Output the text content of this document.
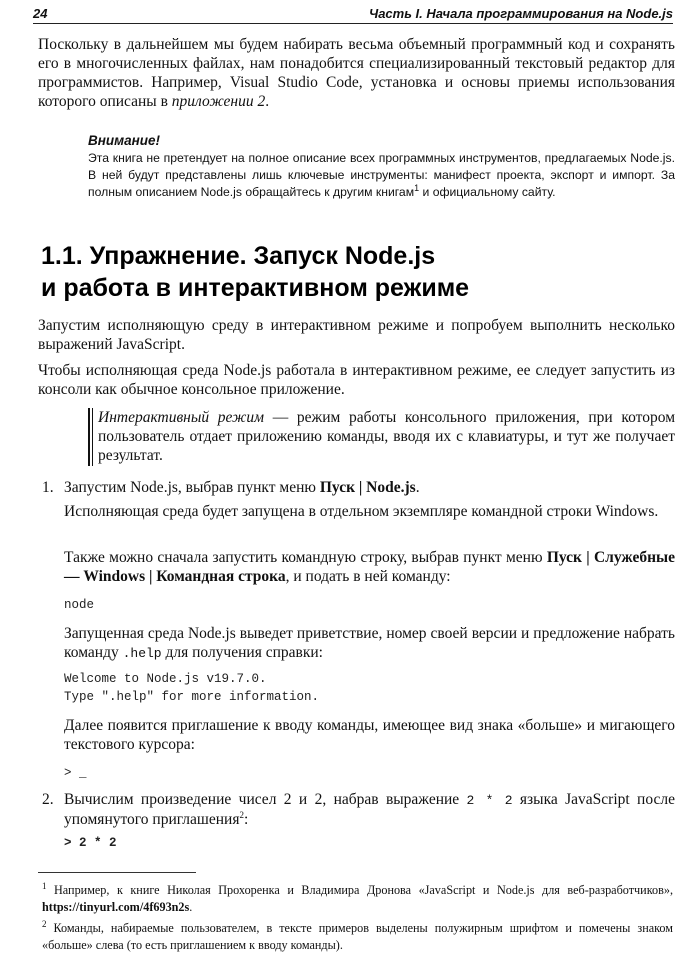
24	Часть I. Начала программирования на Node.js

Поскольку в дальнейшем мы будем набирать весьма объемный программный код и сохранять его в многочисленных файлах, нам понадобится специализированный текстовый редактор для программистов. Например, Visual Studio Code, установка и основы приемы использования которого описаны в приложении 2.

Внимание!

Эта книга не претендует на полное описание всех программных инструментов, предлагаемых Node.js. В ней будут представлены лишь ключевые инструменты: манифест проекта, экспорт и импорт. За полным описанием Node.js обращайтесь к другим книгам$^1$ и официальному сайту.

1.1. Упражнение. Запуск Node.js
и работа в интерактивном режиме

Запустим исполняющую среду в интерактивном режиме и попробуем выполнить несколько выражений JavaScript.

Чтобы исполняющая среда Node.js работала в интерактивном режиме, ее следует запустить из консоли как обычное консольное приложение.

Интерактивный режим — режим работы консольного приложения, при котором пользователь отдает приложению команды, вводя их с клавиатуры, и тут же получает результат.

1. Запустим Node.js, выбрав пункт меню Пуск | Node.js.

Исполняющая среда будет запущена в отдельном экземпляре командной строки Windows.

Также можно сначала запустить командную строку, выбрав пункт меню Пуск | Служебные — Windows | Командная строка, и подать в ней команду:

node

Запущенная среда Node.js выведет приветствие, номер своей версии и предложение набрать команду .help для получения справки:

Welcome to Node.js v19.7.0.
Type ".help" for more information.

Далее появится приглашение к вводу команды, имеющее вид знака «больше» и мигающего текстового курсора:

> _
2. Вычислим произведение чисел 2 и 2, набрав выражение 2 * 2 языка JavaScript после упомянутого приглашения$^2$:

> 2 * 2

$^1$ Например, к книге Николая Прохоренка и Владимира Дронова «JavaScript и Node.js для веб-разработчиков», https://tinyurl.com/4f693n2s.

$^2$ Команды, набираемые пользователем, в тексте примеров выделены полужирным шрифтом и помечены знаком «больше» слева (то есть приглашением к вводу команды).
